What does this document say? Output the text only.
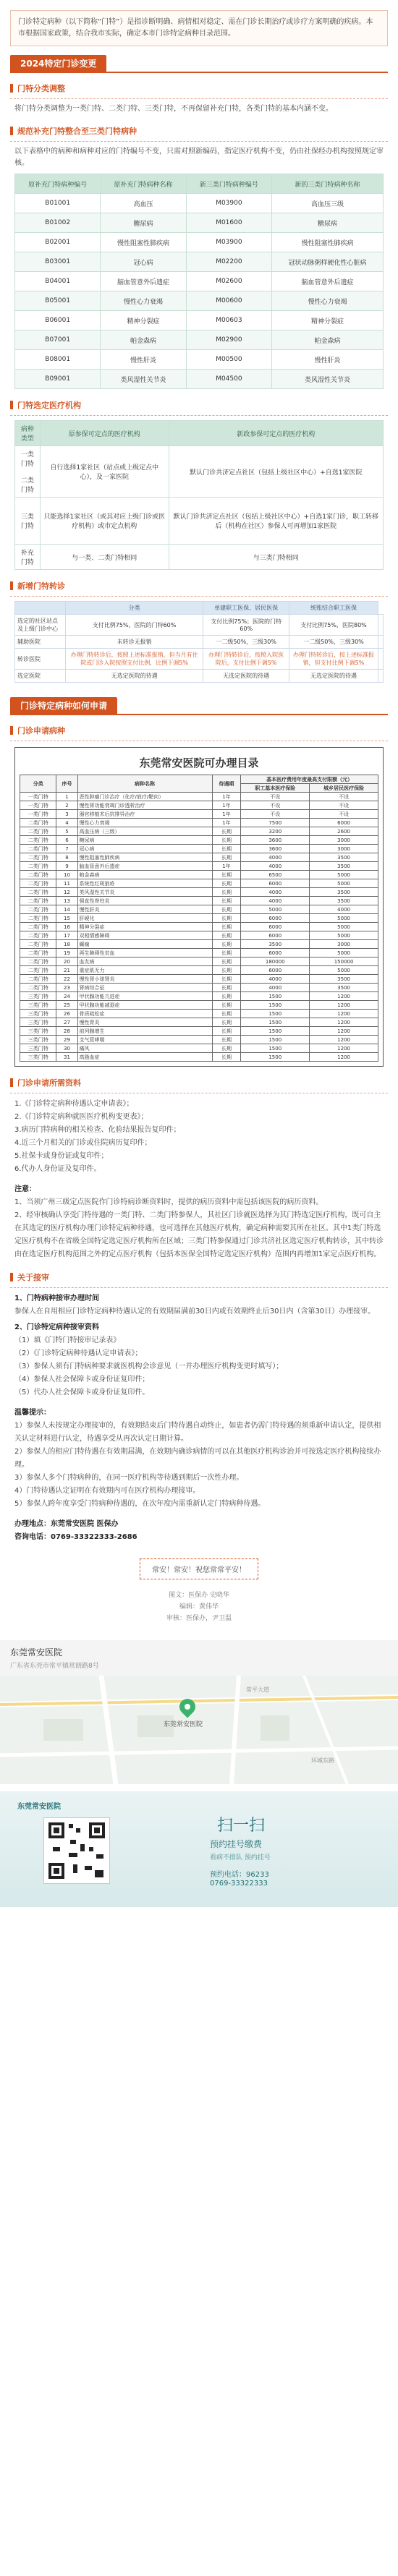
门诊特定病种（以下简称“门特”）是指诊断明确、病情相对稳定、需在门诊长期治疗或诊疗方案明确的疾病。本市根据国家政策，结合我市实际，确定本市门诊特定病种目录范围。

2024特定门诊变更
门特分类调整
将门特分类调整为一类门特、二类门特、三类门特，不再保留补充门特，各类门特的基本内涵不变。
规范补充门特整合至三类门特病种
以下表格中的病种和病种对应的门特编号不变，只需对照新编码，指定医疗机构不变，仍由社保经办机构按照规定审核。
原补充门特病种编号	原补充门特病种名称	新三类门特病种编号	新的三类门特病种名称
B01001	高血压	M03900	高血压三级
B01002	糖尿病	M01600	糖尿病
B02001	慢性阻塞性肺疾病	M03900	慢性阻塞性肺疾病
B03001	冠心病	M02200	冠状动脉粥样硬化性心脏病
B04001	脑血管意外后遗症	M02600	脑血管意外后遗症
B05001	慢性心力衰竭	M00600	慢性心力衰竭
B06001	精神分裂症	M00603	精神分裂症
B07001	帕金森病	M02900	帕金森病
B08001	慢性肝炎	M00500	慢性肝炎
B09001	类风湿性关节炎	M04500	类风湿性关节炎
门特选定医疗机构
病种类型	原参保可定点的医疗机构	新政参保可定点的医疗机构

一类门特
二类门特	自行选择1家社区（站点或上级定点中心），及一家医院	默认门诊共济定点社区（包括上级社区中心）+自选1家医院
三类门特	只能选择1家社区（或其对应上级门诊或医疗机构）或市定点机构	默认门诊共济定点社区（包括上级社区中心）+自选1家门诊，职工转移后（机构在社区）参保人可再增加1家医院
补充门特	与一类、二类门特相同	与三类门特相同
新增门特转诊
	分类	单建职工医保、居民医保	统账结合职工医保	
选定的社区站点及上级门诊中心	支付比例75%，医院的门特60%	支付比例75%；医院的门特60%	支付比例75%，医院80%	
辅助医院	未转诊无报销	一二级50%，三级30%	一二级50%，三级30%	
转诊医院	办理门特转诊后，按照上述标准报销，但当月有住院或门诊入院按照支付比例，比例下调5%	办理门特转诊后，按照入院医院后，支付比例下调5%	办理门特转诊后，按上述标准报销，但支付比例下调5%	
选定医院	无选定医院的待遇	无选定医院的待遇	无选定医院的待遇	
门诊特定病种如何申请
门诊申请病种
东莞常安医院可办理目录
分类	序号	病种名称	待遇期	基本医疗费用年度最高支付限额（元）	
				职工基本医疗保险	城乡居民医疗保险
一类门特	1	恶性肿瘤门诊治疗（化疗/放疗/靶向）	1年	不设	不设
一类门特	2	慢性肾功能衰竭门诊透析治疗	1年	不设	不设
一类门特	3	器官移植术后抗排异治疗	1年	不设	不设
二类门特	4	慢性心力衰竭	1年	7500	6000
二类门特	5	高血压病（三级）	长期	3200	2600
二类门特	6	糖尿病	长期	3600	3000
二类门特	7	冠心病	长期	3600	3000
二类门特	8	慢性阻塞性肺疾病	长期	4000	3500
二类门特	9	脑血管意外后遗症	1年	4000	3500
二类门特	10	帕金森病	长期	6500	5000
二类门特	11	系统性红斑狼疮	长期	6000	5000
二类门特	12	类风湿性关节炎	长期	4000	3500
二类门特	13	强直性脊柱炎	长期	4000	3500
二类门特	14	慢性肝炎	长期	5000	4000
二类门特	15	肝硬化	长期	6000	5000
二类门特	16	精神分裂症	长期	6000	5000
二类门特	17	双相情感障碍	长期	6000	5000
二类门特	18	癫痫	长期	3500	3000
二类门特	19	再生障碍性贫血	长期	6000	5000
二类门特	20	血友病	长期	180000	150000
二类门特	21	重症肌无力	长期	6000	5000
二类门特	22	慢性肾小球肾炎	长期	4000	3500
二类门特	23	肾病综合征	长期	4000	3500
三类门特	24	甲状腺功能亢进症	长期	1500	1200
三类门特	25	甲状腺功能减退症	长期	1500	1200
三类门特	26	骨质疏松症	长期	1500	1200
三类门特	27	慢性胃炎	长期	1500	1200
三类门特	28	前列腺增生	长期	1500	1200
三类门特	29	支气管哮喘	长期	1500	1200
三类门特	30	痛风	长期	1500	1200
三类门特	31	高脂血症	长期	1500	1200
门诊申请所需资料
1.《门诊特定病种待遇认定申请表》；
2.《门诊特定病种就医医疗机构变更表》；
3.病历门特病种的相关检查、化验结果报告复印件；
4.近三个月相关的门诊或住院病历复印件；
5.社保卡或身份证或复印件；
6.代办人身份证及复印件。
注意：
1、当须广州三级定点医院作门诊特病诊断资料时，提供的病历资料中需包括该医院的病历资料。
2、经审核确认享受门特待遇的一类门特、二类门特参保人，其社区门诊就医选择为其门特选定医疗机构，既可自主在其选定的医疗机构办理门诊特定病种待遇，也可选择在其他医疗机构，确定病种需要其所在社区。其中1类门特选定医疗机构不在省级全国特定选定医疗机构所在区域；三类门特参保通过门诊共济社区选定医疗机构转诊，其中转诊由在选定医疗机构范围之外的定点医疗机构（包括本医保全国特定选定医疗机构）范围内再增加1家定点医疗机构。
关于接审
1、门特病种接审办理时间
参保人在自用相应门诊特定病种待遇认定的有效期届满前30日内或有效期终止后30日内（含第30日）办理接审。
2、门诊特定病种接审资料
（1）填《门特门特接审记录表》
（2）《门诊特定病种待遇认定申请表》；
（3）参保人须有门特病种要求就医机构会诊意见（一并办理医疗机构变更时填写）；
（4）参保人社会保障卡或身份证复印件；
（5）代办人社会保障卡或身份证复印件。
温馨提示：
1）参保人未按规定办理接审的，有效期结束后门特待遇自动终止，如患者仍需门特待遇的须重新申请认定，提供相关认定材料进行认定，待遇享受从再次认定日期计算。
2）参保人的相应门特待遇在有效期届满，在效期内确诊病情的可以在其他医疗机构诊治并可按选定医疗机构接续办理。
3）参保人多个门特病种的，在同一医疗机构等待遇到期后一次性办理。
4）门特待遇认定证明在有效期内可在医疗机构办理接审。
5）参保人跨年度享受门特病种待遇的，在次年度内需重新认定门特病种待遇。
办理地点：东莞常安医院 医保办
咨询电话：0769-33322333-2686
常安！常安！祝您常常平安！
图文：医保办 史晓华
编辑：黄伟华
审核：医保办，尹卫温
东莞常安医院
广东省东莞市常平镇常朗路8号
东莞常安医院
常平大道
环城东路
东莞常安医院
扫一扫
预约挂号缴费
看病不排队 预约挂号
预约电话：96233
0769-33322333
